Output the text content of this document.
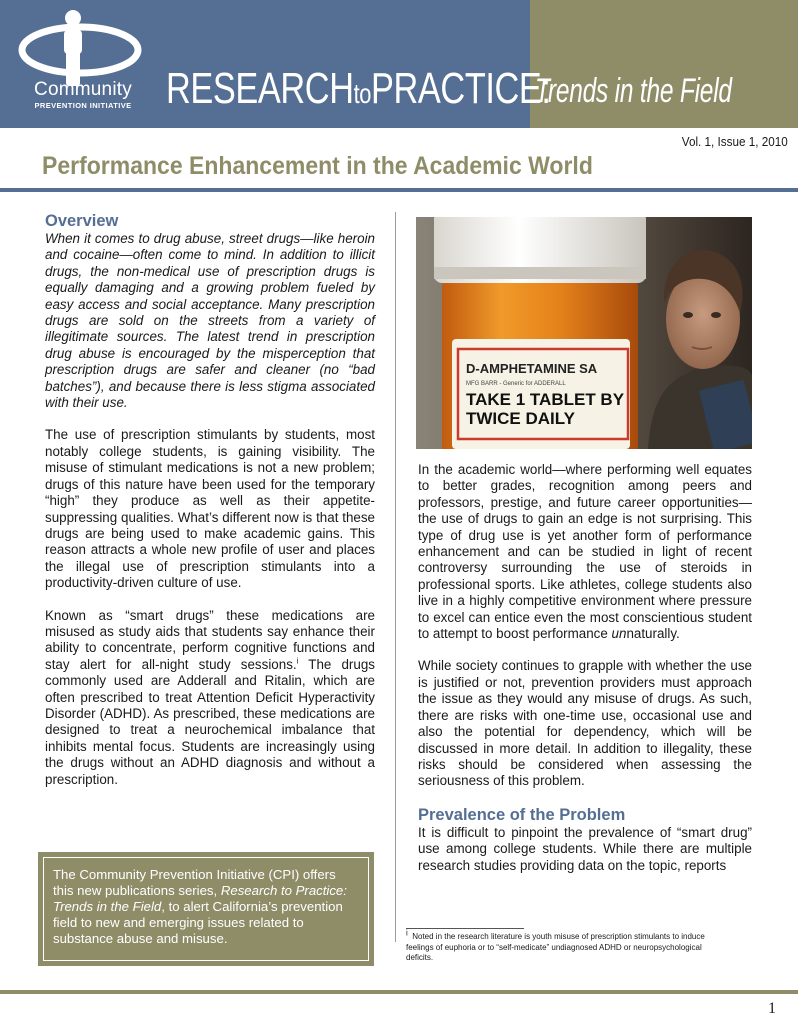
Community
PREVENTION INITIATIVE RESEARCHtoPRACTICE:
Trends in the Field
Vol. 1, Issue 1, 2010
Performance Enhancement in the Academic World
Overview

When it comes to drug abuse, street drugs—like heroin and cocaine—often come to mind. In addition to illicit drugs, the non-medical use of prescription drugs is equally damaging and a growing problem fueled by easy access and social acceptance. Many prescription drugs are sold on the streets from a variety of illegitimate sources. The latest trend in prescription drug abuse is encouraged by the misperception that prescription drugs are safer and cleaner (no “bad batches”), and because there is less stigma associated with their use.

The use of prescription stimulants by students, most notably college students, is gaining visibility. The misuse of stimulant medications is not a new problem; drugs of this nature have been used for the temporary “high” they produce as well as their appetite-suppressing qualities. What’s different now is that these drugs are being used to make academic gains. This reason attracts a whole new profile of user and places the illegal use of prescription stimulants into a productivity-driven culture of use.

Known as “smart drugs” these medications are misused as study aids that students say enhance their ability to concentrate, perform cognitive functions and stay alert for all-night study sessions.$^i$ The drugs commonly used are Adderall and Ritalin, which are often prescribed to treat Attention Deficit Hyperactivity Disorder (ADHD). As prescribed, these medications are designed to treat a neurochemical imbalance that inhibits mental focus. Students are increasingly using the drugs without an ADHD diagnosis and without a prescription.

The Community Prevention Initiative (CPI) offers this new publications series, Research to Practice: Trends in the Field, to alert California’s prevention field to new and emerging issues related to substance abuse and misuse.
D-AMPHETAMINE SA
MFG BARR - Generic for ADDERALL
TAKE 1 TABLET BY
TWICE DAILY

In the academic world—where performing well equates to better grades, recognition among peers and professors, prestige, and future career opportunities—the use of drugs to gain an edge is not surprising. This type of drug use is yet another form of performance enhancement and can be studied in light of recent controversy surrounding the use of steroids in professional sports. Like athletes, college students also live in a highly competitive environment where pressure to excel can entice even the most conscientious student to attempt to boost performance unnaturally.

While society continues to grapple with whether the use is justified or not, prevention providers must approach the issue as they would any misuse of drugs. As such, there are risks with one-time use, occasional use and also the potential for dependency, which will be discussed in more detail. In addition to illegality, these risks should be considered when assessing the seriousness of this problem.

Prevalence of the Problem

It is difficult to pinpoint the prevalence of “smart drug” use among college students. While there are multiple research studies providing data on the topic, reports

$^i$ Noted in the research literature is youth misuse of prescription stimulants to induce feelings of euphoria or to “self-medicate” undiagnosed ADHD or neuropsychological deficits.
1
